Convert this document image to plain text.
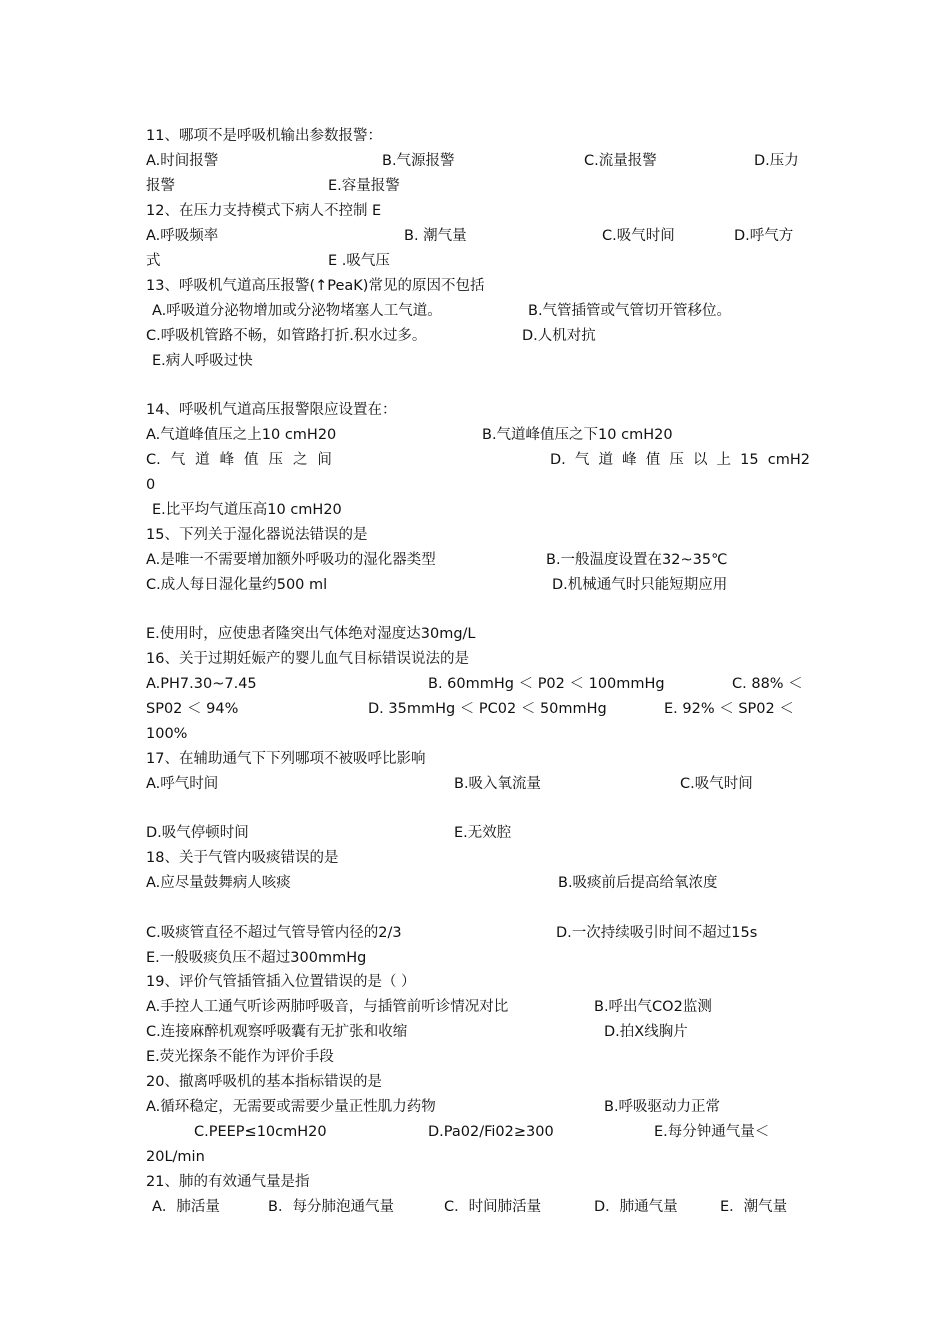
11、哪项不是呼吸机输出参数报警：
A.时间报警	B.气源报警	C.流量报警	D.压力
报警	E.容量报警
12、在压力支持模式下病人不控制 E
A.呼吸频率	B. 潮气量	C.吸气时间	D.呼气方
式	E .吸气压
13、呼吸机气道高压报警(↑PeaK)常见的原因不包括
A.呼吸道分泌物增加或分泌物堵塞人工气道。	B.气管插管或气管切开管移位。
C.呼吸机管路不畅，如管路打折.积水过多。	D.人机对抗
E.病人呼吸过快
14、呼吸机气道高压报警限应设置在：
A.气道峰值压之上10 cmH20	B.气道峰值压之下10 cmH20
C. 气 道 峰 值 压 之 间	D. 气 道 峰 值 压 以 上 15 cmH2
0
E.比平均气道压高10 cmH20
15、下列关于湿化器说法错误的是
A.是唯一不需要增加额外呼吸功的湿化器类型	B.一般温度设置在32~35℃
C.成人每日湿化量约500 ml	D.机械通气时只能短期应用
E.使用时，应使患者隆突出气体绝对湿度达30mg/L
16、关于过期妊娠产的婴儿血气目标错误说法的是
A.PH7.30~7.45	B. 60mmHg ＜ P02 ＜ 100mmHg	C. 88% ＜
SP02 ＜ 94%	D. 35mmHg ＜ PC02 ＜ 50mmHg	E. 92% ＜ SP02 ＜
100%
17、在辅助通气下下列哪项不被吸呼比影响
A.呼气时间	B.吸入氧流量	C.吸气时间
D.吸气停顿时间	E.无效腔
18、关于气管内吸痰错误的是
A.应尽量鼓舞病人咳痰	B.吸痰前后提高给氧浓度
C.吸痰管直径不超过气管导管内径的2/3	D.一次持续吸引时间不超过15s
E.一般吸痰负压不超过300mmHg
19、评价气管插管插入位置错误的是（ ）
A.手控人工通气听诊两肺呼吸音，与插管前听诊情况对比	B.呼出气CO2监测
C.连接麻醉机观察呼吸囊有无扩张和收缩	D.拍X线胸片
E.荧光探条不能作为评价手段
20、撤离呼吸机的基本指标错误的是
A.循环稳定，无需要或需要少量正性肌力药物	B.呼吸驱动力正常
C.PEEP≤10cmH20	D.Pa02/Fi02≥300	E.每分钟通气量＜
20L/min
21、肺的有效通气量是指
A．肺活量	B．每分肺泡通气量	C．时间肺活量	D．肺通气量	E．潮气量
